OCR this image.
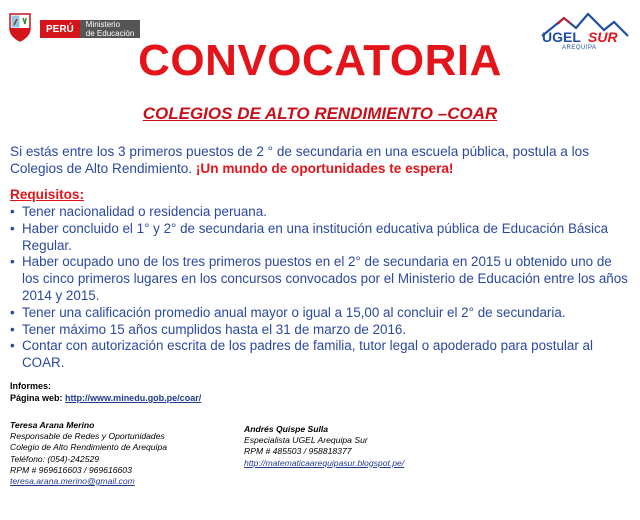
PERÚ	Ministerio
de Educación	UGEL SUR
AREQUIPA
CONVOCATORIA
COLEGIOS DE ALTO RENDIMIENTO –COAR
Si estás entre los 3 primeros puestos de 2 ° de secundaria en una escuela pública, postula a los Colegios de Alto Rendimiento. ¡Un mundo de oportunidades te espera!
Requisitos:
• Tener nacionalidad o residencia peruana.
• Haber concluido el 1° y 2° de secundaria en una institución educativa pública de Educación Básica Regular.
• Haber ocupado uno de los tres primeros puestos en el 2° de secundaria en 2015 u obtenido uno de los cinco primeros lugares en los concursos convocados por el Ministerio de Educación entre los años 2014 y 2015.
• Tener una calificación promedio anual mayor o igual a 15,00 al concluir el 2° de secundaria.
• Tener máximo 15 años cumplidos hasta el 31 de marzo de 2016.
• Contar con autorización escrita de los padres de familia, tutor legal o apoderado para postular al COAR.
Informes:
Página web: http://www.minedu.gob.pe/coar/
Teresa Arana Merino
Responsable de Redes y Oportunidades
Colegio de Alto Rendimiento de Arequipa
Teléfono: (054)-242529
RPM # 969616603 / 969616603
teresa.arana.merino@gmail.com
Andrés Quispe Sulla
Especialista UGEL Arequipa Sur
RPM # 485503 / 958818377
http://matematicaarequipasur.blogspot.pe/
